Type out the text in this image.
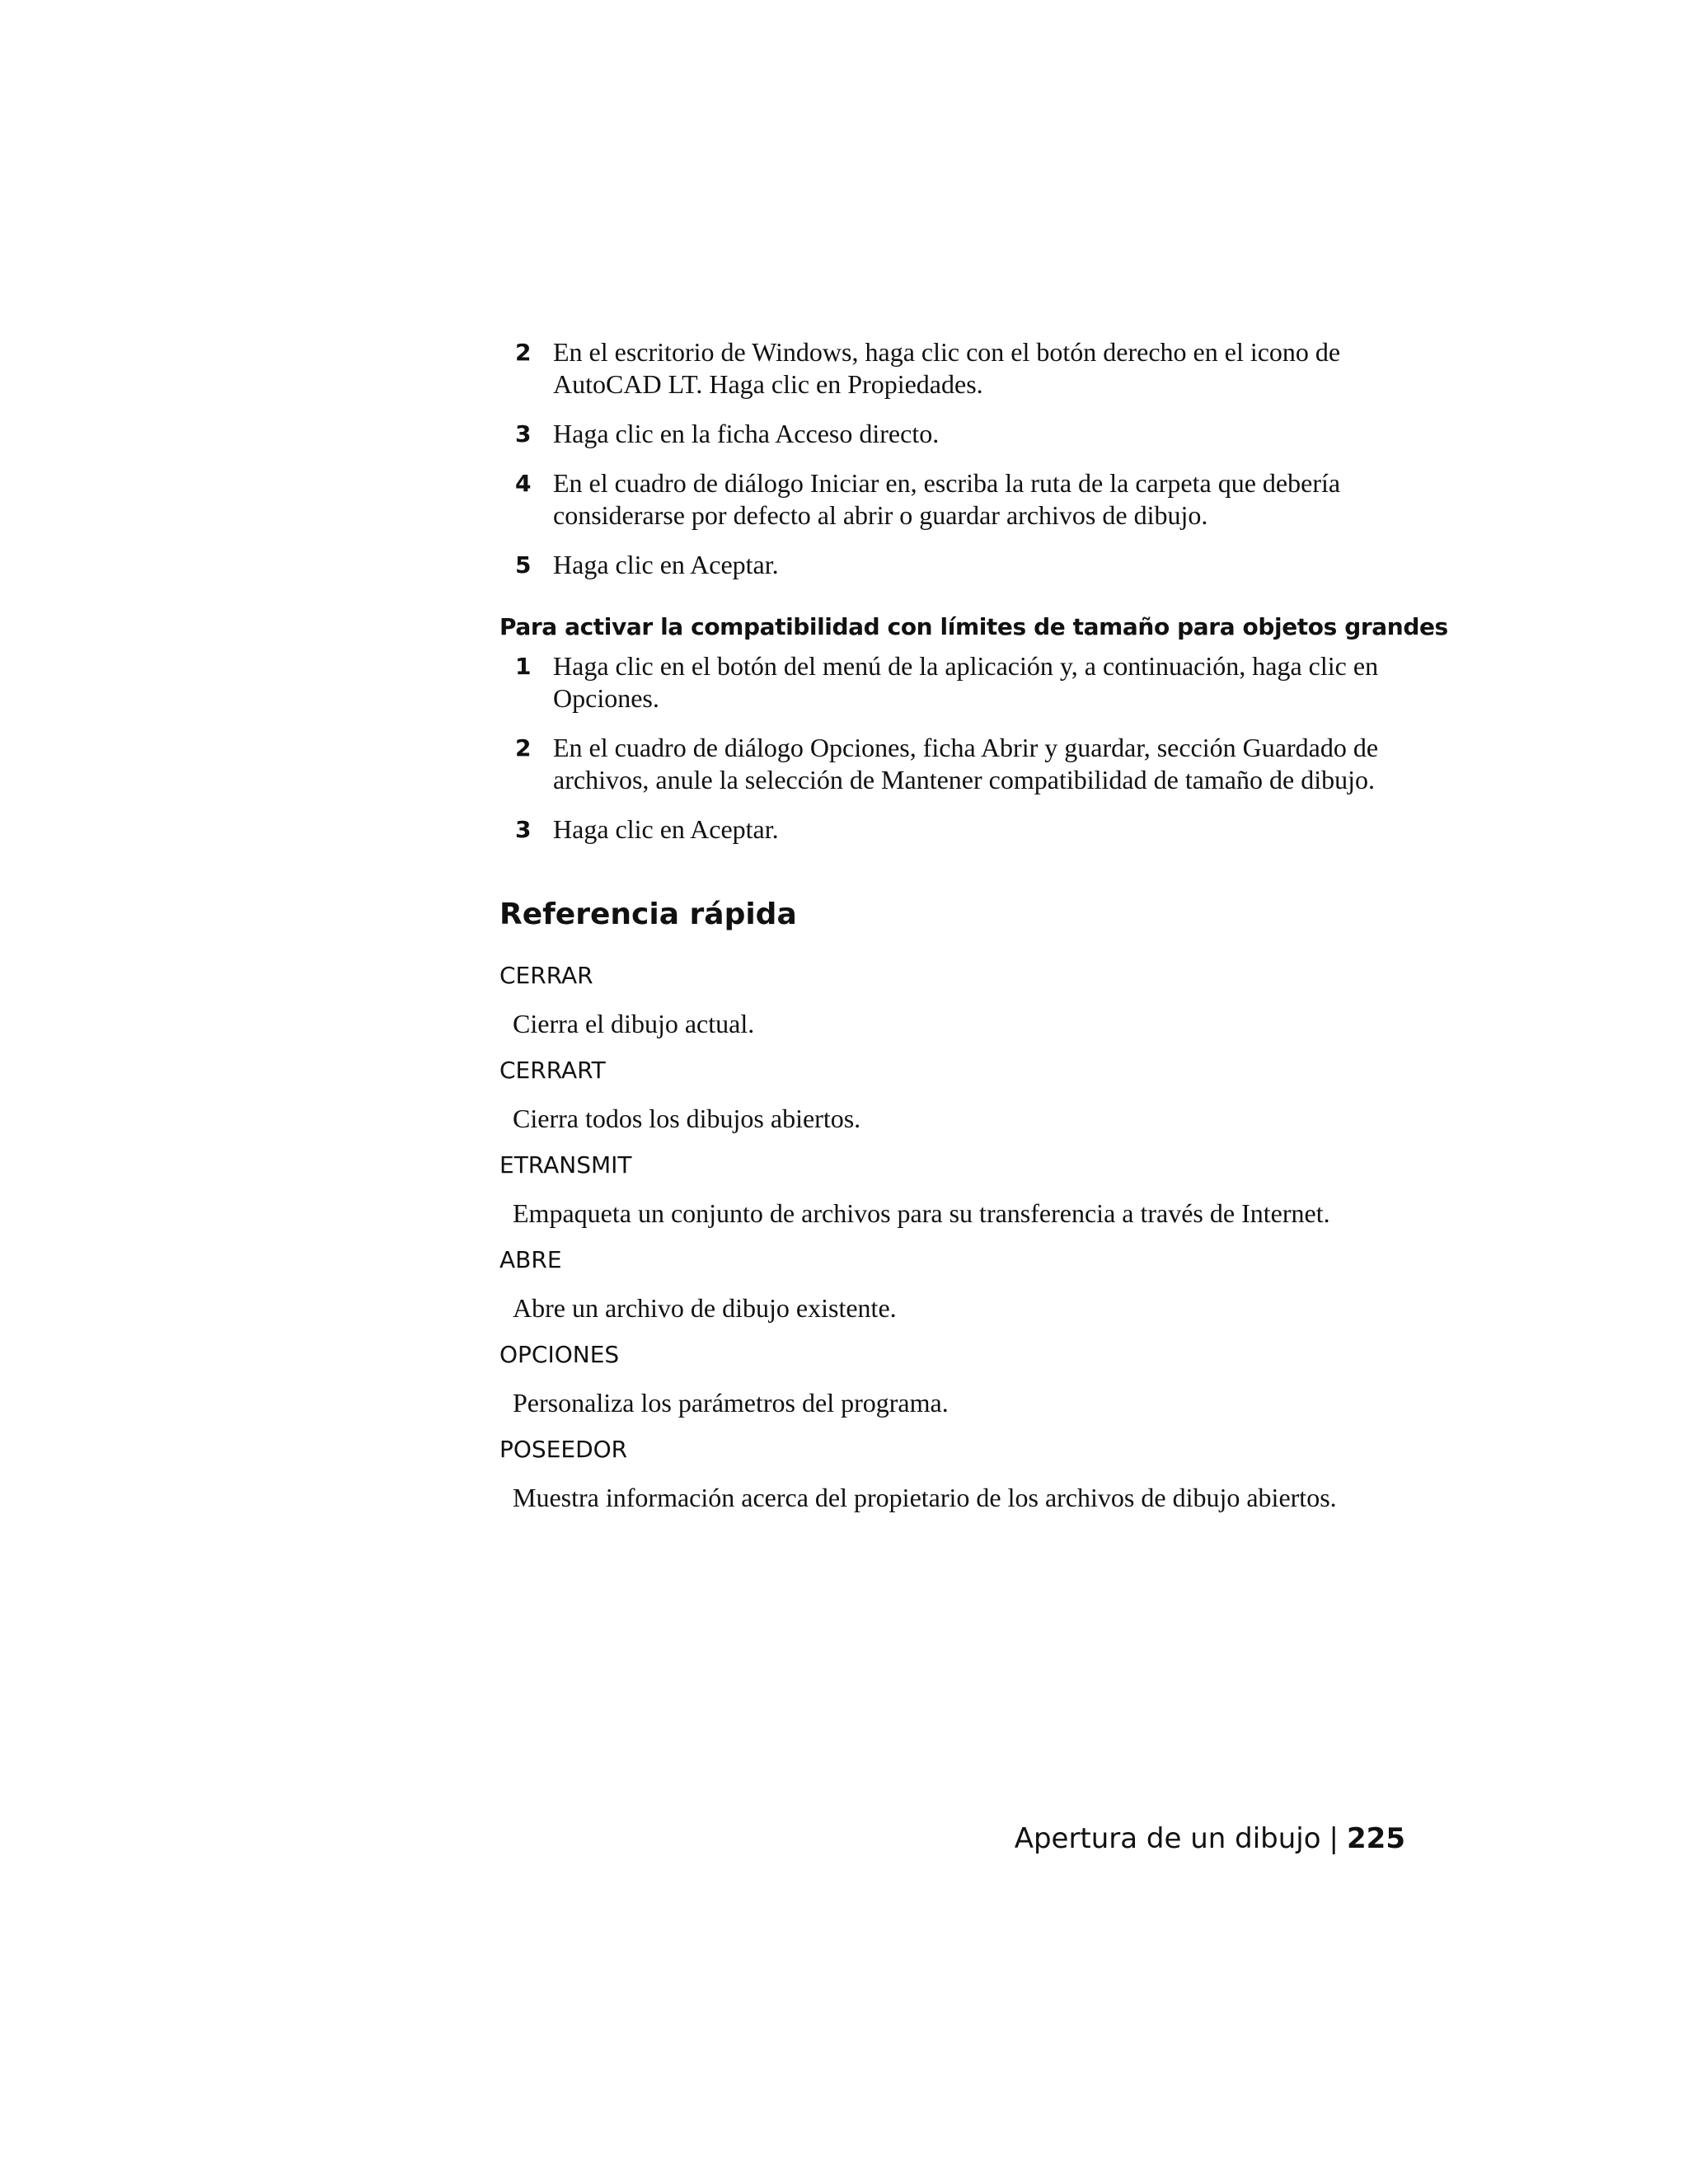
2 En el escritorio de Windows, haga clic con el botón derecho en el icono de AutoCAD LT. Haga clic en Propiedades.
3 Haga clic en la ficha Acceso directo.
4 En el cuadro de diálogo Iniciar en, escriba la ruta de la carpeta que debería considerarse por defecto al abrir o guardar archivos de dibujo.
5 Haga clic en Aceptar.
Para activar la compatibilidad con límites de tamaño para objetos grandes
1 Haga clic en el botón del menú de la aplicación y, a continuación, haga clic en Opciones.
2 En el cuadro de diálogo Opciones, ficha Abrir y guardar, sección Guardado de archivos, anule la selección de Mantener compatibilidad de tamaño de dibujo.
3 Haga clic en Aceptar.
Referencia rápida
CERRAR
Cierra el dibujo actual.
CERRART
Cierra todos los dibujos abiertos.
ETRANSMIT
Empaqueta un conjunto de archivos para su transferencia a través de Internet.
ABRE
Abre un archivo de dibujo existente.
OPCIONES
Personaliza los parámetros del programa.
POSEEDOR
Muestra información acerca del propietario de los archivos de dibujo abiertos.
Apertura de un dibujo | 225
